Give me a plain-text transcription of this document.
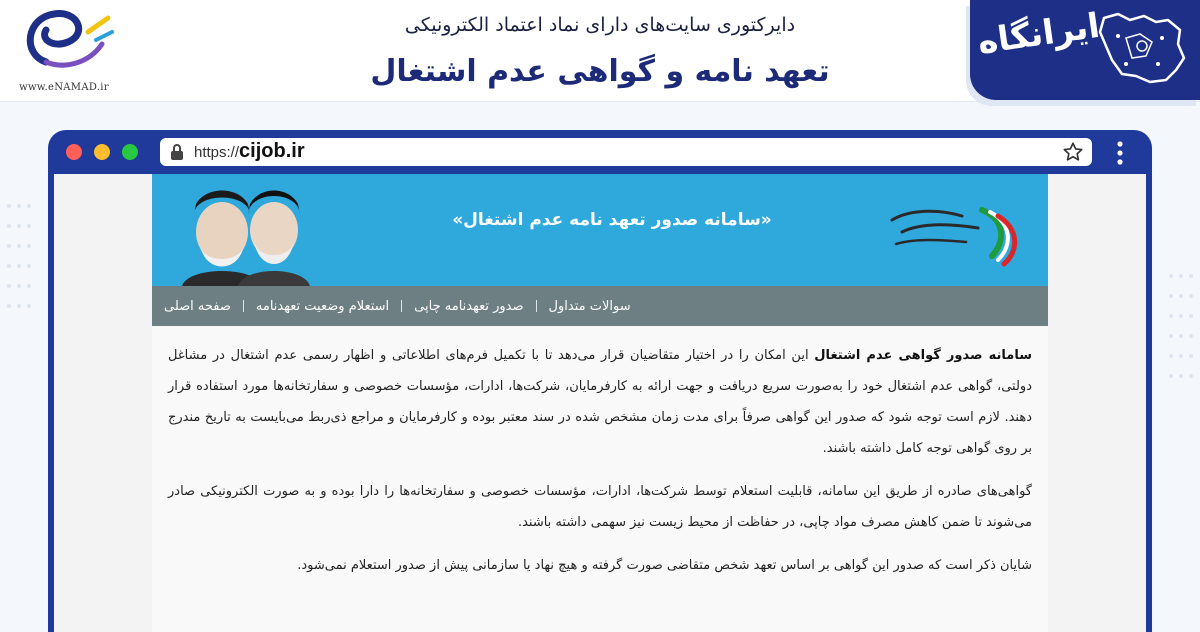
www.eNAMAD.ir
دایرکتوری سایت‌های دارای نماد اعتماد الکترونیکی
تعهد نامه و گواهی عدم اشتغال
ایرانگاه
https://cijob.ir
«سامانه صدور تعهد نامه عدم اشتغال»
صفحه اصلی	استعلام وضعیت تعهدنامه	صدور تعهدنامه چاپی	سوالات متداول

سامانه صدور گواهی عدم اشتغال این امکان را در اختیار متقاضیان قرار می‌دهد تا با تکمیل فرم‌های اطلاعاتی و اظهار رسمی عدم اشتغال در مشاغل دولتی، گواهی عدم اشتغال خود را به‌صورت سریع دریافت و جهت ارائه به کارفرمایان، شرکت‌ها، ادارات، مؤسسات خصوصی و سفارتخانه‌ها مورد استفاده قرار دهند. لازم است توجه شود که صدور این گواهی صرفاً برای مدت زمان مشخص شده در سند معتبر بوده و کارفرمایان و مراجع ذی‌ربط می‌بایست به تاریخ مندرج بر روی گواهی توجه کامل داشته باشند.

گواهی‌های صادره از طریق این سامانه، قابلیت استعلام توسط شرکت‌ها، ادارات، مؤسسات خصوصی و سفارتخانه‌ها را دارا بوده و به صورت الکترونیکی صادر می‌شوند تا ضمن کاهش مصرف مواد چاپی، در حفاظت از محیط زیست نیز سهمی داشته باشند.

شایان ذکر است که صدور این گواهی بر اساس تعهد شخص متقاضی صورت گرفته و هیچ نهاد یا سازمانی پیش از صدور استعلام نمی‌شود.
